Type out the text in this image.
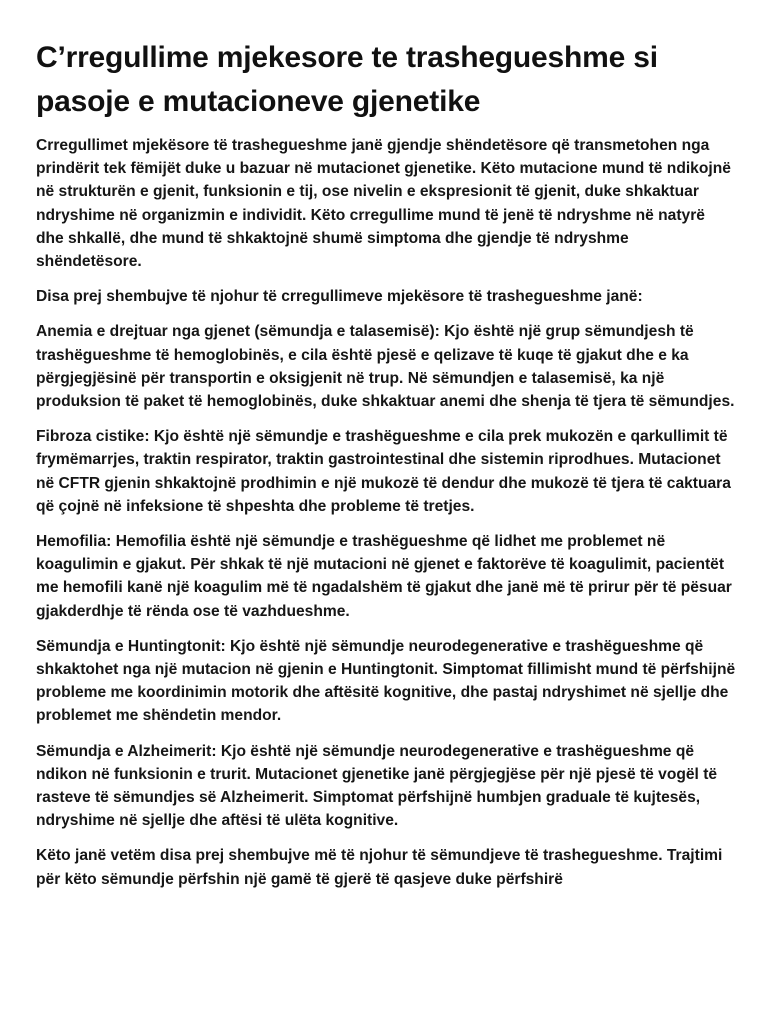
C’rregullime mjekesore te trashegueshme si pasoje e mutacioneve gjenetike

Crregullimet mjekësore të trashegueshme janë gjendje shëndetësore që transmetohen nga prindërit tek fëmijët duke u bazuar në mutacionet gjenetike. Këto mutacione mund të ndikojnë në strukturën e gjenit, funksionin e tij, ose nivelin e ekspresionit të gjenit, duke shkaktuar ndryshime në organizmin e individit. Këto crregullime mund të jenë të ndryshme në natyrë dhe shkallë, dhe mund të shkaktojnë shumë simptoma dhe gjendje të ndryshme shëndetësore.

Disa prej shembujve të njohur të crregullimeve mjekësore të trashegueshme janë:

Anemia e drejtuar nga gjenet (sëmundja e talasemisë): Kjo është një grup sëmundjesh të trashëgueshme të hemoglobinës, e cila është pjesë e qelizave të kuqe të gjakut dhe e ka përgjegjësinë për transportin e oksigjenit në trup. Në sëmundjen e talasemisë, ka një produksion të paket të hemoglobinës, duke shkaktuar anemi dhe shenja të tjera të sëmundjes.

Fibroza cistike: Kjo është një sëmundje e trashëgueshme e cila prek mukozën e qarkullimit të frymëmarrjes, traktin respirator, traktin gastrointestinal dhe sistemin riprodhues. Mutacionet në CFTR gjenin shkaktojnë prodhimin e një mukozë të dendur dhe mukozë të tjera të caktuara që çojnë në infeksione të shpeshta dhe probleme të tretjes.

Hemofilia: Hemofilia është një sëmundje e trashëgueshme që lidhet me problemet në koagulimin e gjakut. Për shkak të një mutacioni në gjenet e faktorëve të koagulimit, pacientët me hemofili kanë një koagulim më të ngadalshëm të gjakut dhe janë më të prirur për të pësuar gjakderdhje të rënda ose të vazhdueshme.

Sëmundja e Huntingtonit: Kjo është një sëmundje neurodegenerative e trashëgueshme që shkaktohet nga një mutacion në gjenin e Huntingtonit. Simptomat fillimisht mund të përfshijnë probleme me koordinimin motorik dhe aftësitë kognitive, dhe pastaj ndryshimet në sjellje dhe problemet me shëndetin mendor.

Sëmundja e Alzheimerit: Kjo është një sëmundje neurodegenerative e trashëgueshme që ndikon në funksionin e trurit. Mutacionet gjenetike janë përgjegjëse për një pjesë të vogël të rasteve të sëmundjes së Alzheimerit. Simptomat përfshijnë humbjen graduale të kujtesës, ndryshime në sjellje dhe aftësi të ulëta kognitive.

Këto janë vetëm disa prej shembujve më të njohur të sëmundjeve të trashegueshme. Trajtimi për këto sëmundje përfshin një gamë të gjerë të qasjeve duke përfshirë
